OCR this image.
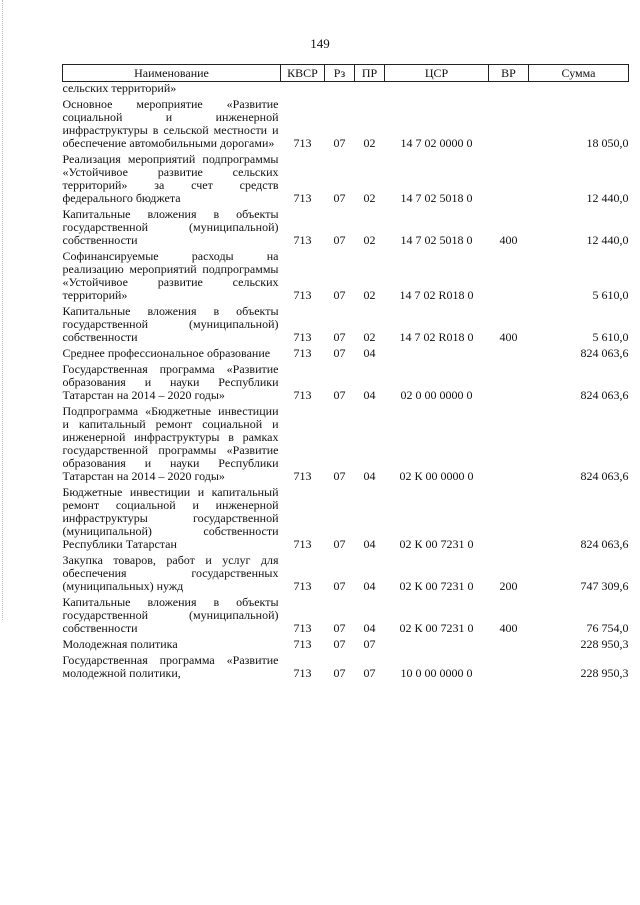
149
Наименование	КВСР	Рз	ПР	ЦСР	ВР	Сумма
сельских территорий»						
Основное мероприятие «Развитие социальной и инженерной инфраструктуры в сельской местности и обеспечение автомобильными дорогами»	713	07	02	14 7 02 0000 0		18 050,0
Реализация мероприятий подпрограммы «Устойчивое развитие сельских территорий» за счет средств федерального бюджета	713	07	02	14 7 02 5018 0		12 440,0
Капитальные вложения в объекты государственной (муниципальной) собственности	713	07	02	14 7 02 5018 0	400	12 440,0
Софинансируемые расходы на реализацию мероприятий подпрограммы «Устойчивое развитие сельских территорий»	713	07	02	14 7 02 R018 0		5 610,0
Капитальные вложения в объекты государственной (муниципальной) собственности	713	07	02	14 7 02 R018 0	400	5 610,0
Среднее профессиональное образование	713	07	04			824 063,6
Государственная программа «Развитие образования и науки Республики Татарстан на 2014 – 2020 годы»	713	07	04	02 0 00 0000 0		824 063,6
Подпрограмма «Бюджетные инвестиции и капитальный ремонт социальной и инженерной инфраструктуры в рамках государственной программы «Развитие образования и науки Республики Татарстан на 2014 – 2020 годы»	713	07	04	02 К 00 0000 0		824 063,6
Бюджетные инвестиции и капитальный ремонт социальной и инженерной инфраструктуры государственной (муниципальной) собственности Республики Татарстан	713	07	04	02 К 00 7231 0		824 063,6
Закупка товаров, работ и услуг для обеспечения государственных (муниципальных) нужд	713	07	04	02 К 00 7231 0	200	747 309,6
Капитальные вложения в объекты государственной (муниципальной) собственности	713	07	04	02 К 00 7231 0	400	76 754,0
Молодежная политика	713	07	07			228 950,3
Государственная программа «Развитие молодежной политики,	713	07	07	10 0 00 0000 0		228 950,3
